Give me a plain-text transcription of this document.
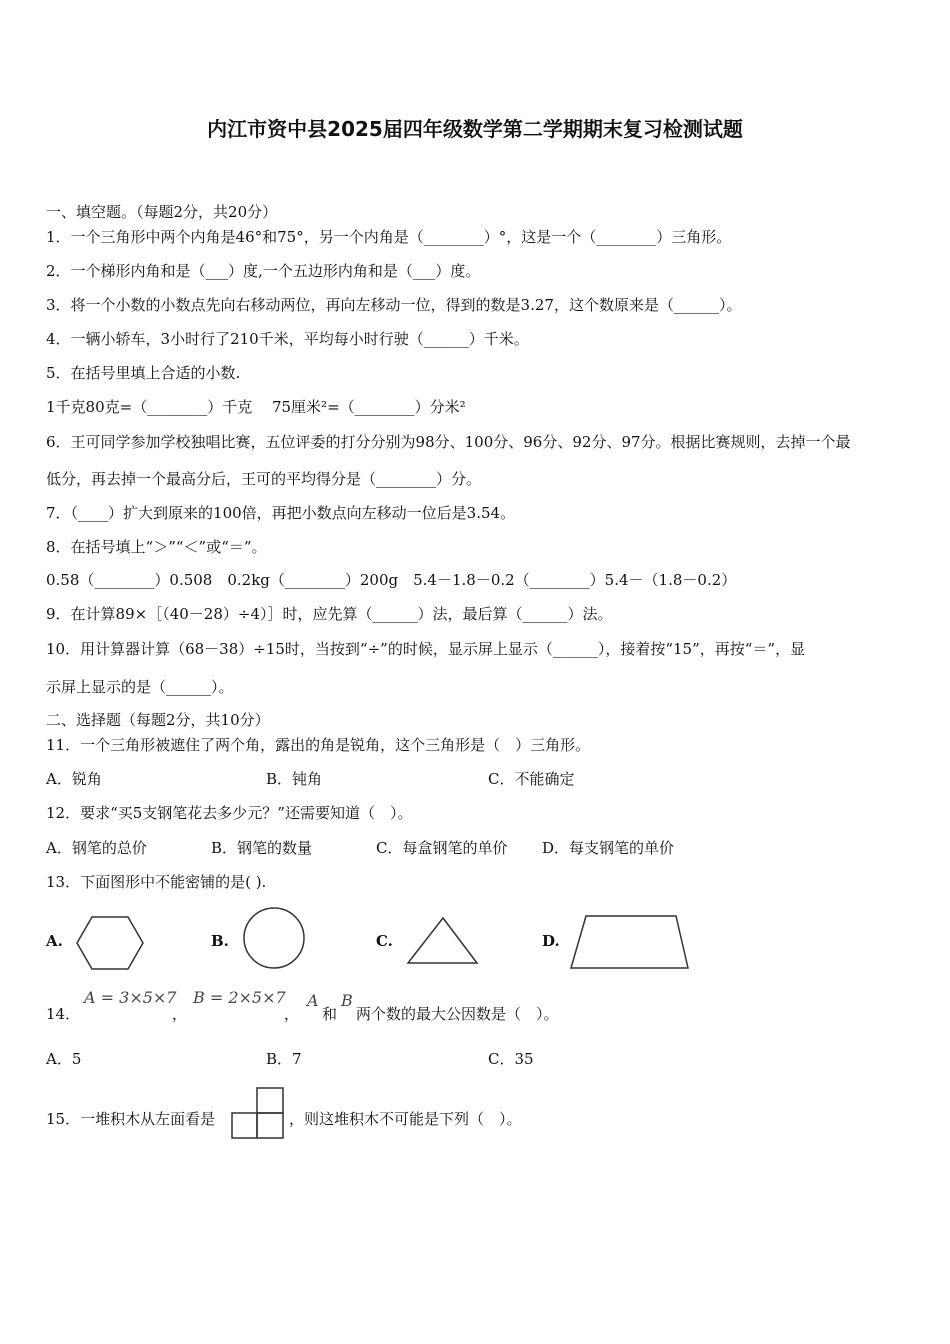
内江市资中县2025届四年级数学第二学期期末复习检测试题
一、填空题。（每题2分，共20分）
1．一个三角形中两个内角是46°和75°，另一个内角是（________）°，这是一个（________）三角形。
2．一个梯形内角和是（___）度,一个五边形内角和是（___）度。
3．将一个小数的小数点先向右移动两位，再向左移动一位，得到的数是3.27，这个数原来是（______）。
4．一辆小轿车，3小时行了210千米，平均每小时行驶（______）千米。
5．在括号里填上合适的小数.
1千克80克=（________）千克　 75厘米²=（________）分米²
6．王可同学参加学校独唱比赛，五位评委的打分分别为98分、100分、96分、92分、97分。根据比赛规则，去掉一个最
低分，再去掉一个最高分后，王可的平均得分是（________）分。
7．（____）扩大到原来的100倍，再把小数点向左移动一位后是3.54。
8．在括号填上“＞”“＜”或“＝”。
0.58（________）0.508　0.2kg（________）200g　5.4－1.8－0.2（________）5.4－（1.8－0.2）
9．在计算89×［（40－28）÷4）］时，应先算（______）法，最后算（______）法。
10．用计算器计算（68－38）÷15时，当按到“÷”的时候，显示屏上显示（______），接着按“15”，再按“＝”，显
示屏上显示的是（______）。
二、选择题（每题2分，共10分）
11．一个三角形被遮住了两个角，露出的角是锐角，这个三角形是（　）三角形。
A．锐角	B．钝角	C．不能确定
12．要求“买5支钢笔花去多少元？”还需要知道（　）。
A．钢笔的总价	B．钢笔的数量	C．每盒钢笔的单价 D．每支钢笔的单价
13．下面图形中不能密铺的是( ).
A.	B.	C.	D.
14．
A = 3×5×7
，
B = 2×5×7
，
A
和
B
两个数的最大公因数是（　）。
A．5	B．7	C．35
15．一堆积木从左面看是	，则这堆积木不可能是下列（　）。
